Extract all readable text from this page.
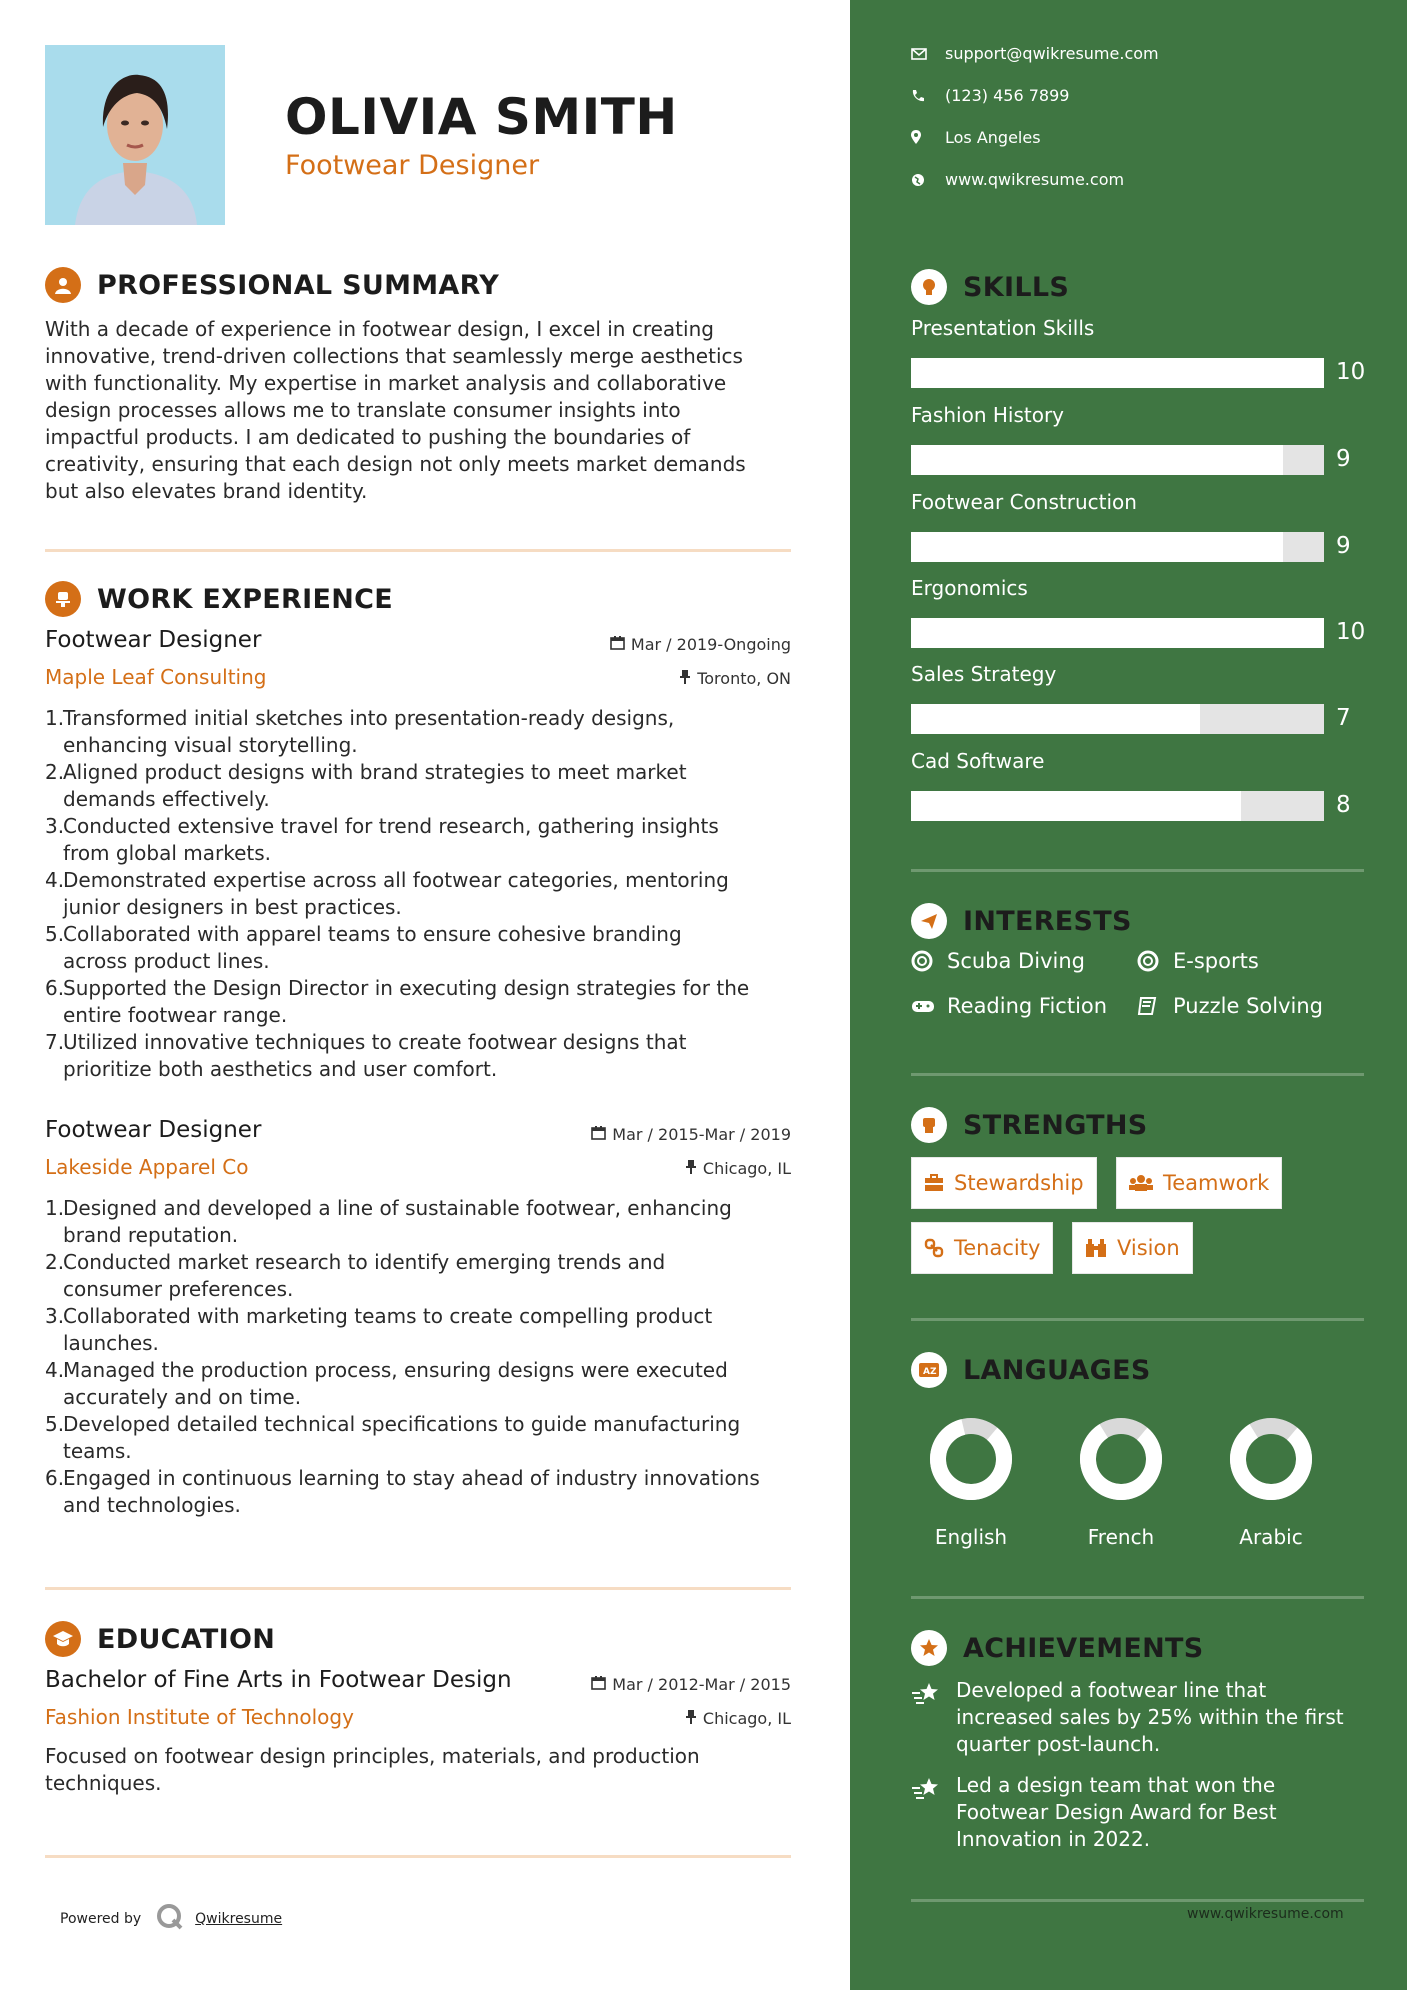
OLIVIA SMITH
Footwear Designer
PROFESSIONAL SUMMARY
With a decade of experience in footwear design, I excel in creating
innovative, trend-driven collections that seamlessly merge aesthetics
with functionality. My expertise in market analysis and collaborative
design processes allows me to translate consumer insights into
impactful products. I am dedicated to pushing the boundaries of
creativity, ensuring that each design not only meets market demands
but also elevates brand identity.
WORK EXPERIENCE
Footwear Designer	Mar / 2019-Ongoing
Maple Leaf Consulting	Toronto, ON
1.
Transformed initial sketches into presentation-ready designs,
enhancing visual storytelling.
2.
Aligned product designs with brand strategies to meet market
demands effectively.
3.
Conducted extensive travel for trend research, gathering insights
from global markets.
4.
Demonstrated expertise across all footwear categories, mentoring
junior designers in best practices.
5.
Collaborated with apparel teams to ensure cohesive branding
across product lines.
6.
Supported the Design Director in executing design strategies for the
entire footwear range.
7.
Utilized innovative techniques to create footwear designs that
prioritize both aesthetics and user comfort.
Footwear Designer	Mar / 2015-Mar / 2019
Lakeside Apparel Co	Chicago, IL
1.
Designed and developed a line of sustainable footwear, enhancing
brand reputation.
2.
Conducted market research to identify emerging trends and
consumer preferences.
3.
Collaborated with marketing teams to create compelling product
launches.
4.
Managed the production process, ensuring designs were executed
accurately and on time.
5.
Developed detailed technical specifications to guide manufacturing
teams.
6.
Engaged in continuous learning to stay ahead of industry innovations
and technologies.
EDUCATION
Bachelor of Fine Arts in Footwear Design	Mar / 2012-Mar / 2015
Fashion Institute of Technology	Chicago, IL
Focused on footwear design principles, materials, and production
techniques.
Powered by	Qwikresume
support@qwikresume.com
(123) 456 7899
Los Angeles
www.qwikresume.com
SKILLS
Presentation Skills
10
Fashion History
9
Footwear Construction
9
Ergonomics
10
Sales Strategy
7
Cad Software
8
INTERESTS
Scuba Diving	E-sports
Reading Fiction	Puzzle Solving
STRENGTHS
Stewardship	Teamwork
Tenacity	Vision
A Z LANGUAGES
English	French	Arabic
ACHIEVEMENTS
Developed a footwear line that
increased sales by 25% within the first
quarter post-launch.
Led a design team that won the
Footwear Design Award for Best
Innovation in 2022.
www.qwikresume.com
